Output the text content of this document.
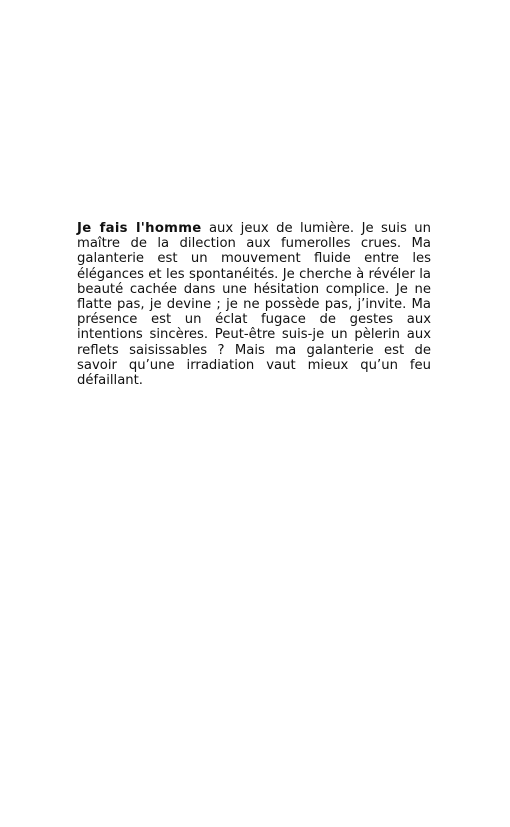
Je fais l'homme aux jeux de lumière. Je suis un maître de la dilection aux fumerolles crues. Ma galanterie est un mouvement fluide entre les élégances et les spontanéités. Je cherche à révéler la beauté cachée dans une hésitation complice. Je ne flatte pas, je devine ; je ne possède pas, j’invite. Ma présence est un éclat fugace de gestes aux intentions sincères. Peut-être suis-je un pèlerin aux reflets saisissables ? Mais ma galanterie est de savoir qu’une irradiation vaut mieux qu’un feu défaillant.
